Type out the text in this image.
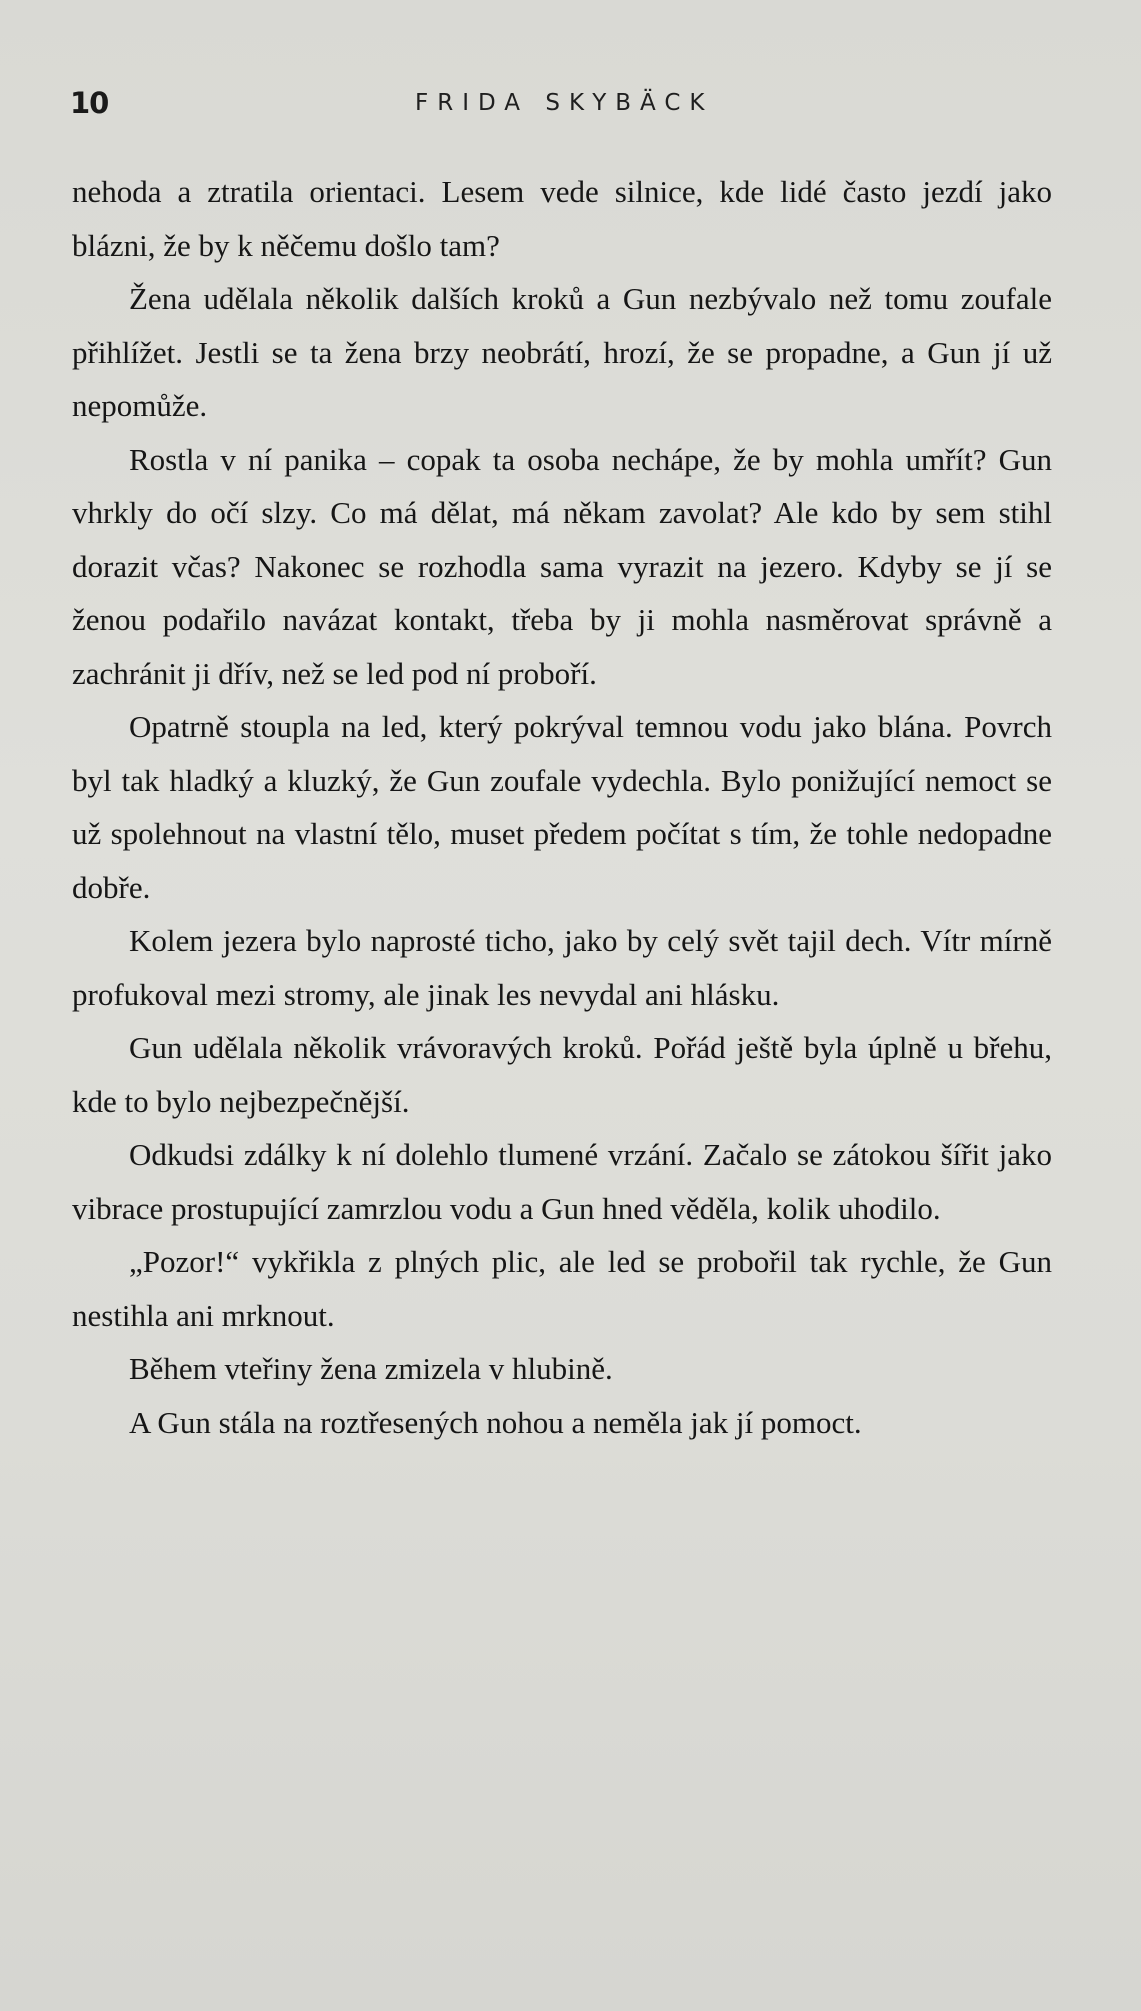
10	FRIDA SKYBÄCK

nehoda a ztratila orientaci. Lesem vede silnice, kde lidé často jezdí jako blázni, že by k něčemu došlo tam?

Žena udělala několik dalších kroků a Gun nezbývalo než tomu zoufale přihlížet. Jestli se ta žena brzy neobrátí, hrozí, že se propadne, a Gun jí už nepomůže.

Rostla v ní panika – copak ta osoba nechápe, že by mohla umřít? Gun vhrkly do očí slzy. Co má dělat, má někam zavolat? Ale kdo by sem stihl dorazit včas? Nakonec se rozhodla sama vyrazit na jezero. Kdyby se jí se ženou podařilo navázat kontakt, třeba by ji mohla nasměrovat správně a zachránit ji dřív, než se led pod ní proboří.

Opatrně stoupla na led, který pokrýval temnou vodu jako blána. Povrch byl tak hladký a kluzký, že Gun zoufale vydechla. Bylo ponižující nemoct se už spolehnout na vlastní tělo, muset předem počítat s tím, že tohle nedopadne dobře.

Kolem jezera bylo naprosté ticho, jako by celý svět tajil dech. Vítr mírně profukoval mezi stromy, ale jinak les nevydal ani hlásku.

Gun udělala několik vrávoravých kroků. Pořád ještě byla úplně u břehu, kde to bylo nejbezpečnější.

Odkudsi zdálky k ní dolehlo tlumené vrzání. Začalo se zátokou šířit jako vibrace prostupující zamrzlou vodu a Gun hned věděla, kolik uhodilo.

„Pozor!“ vykřikla z plných plic, ale led se probořil tak rychle, že Gun nestihla ani mrknout.

Během vteřiny žena zmizela v hlubině.

A Gun stála na roztřesených nohou a neměla jak jí pomoct.
